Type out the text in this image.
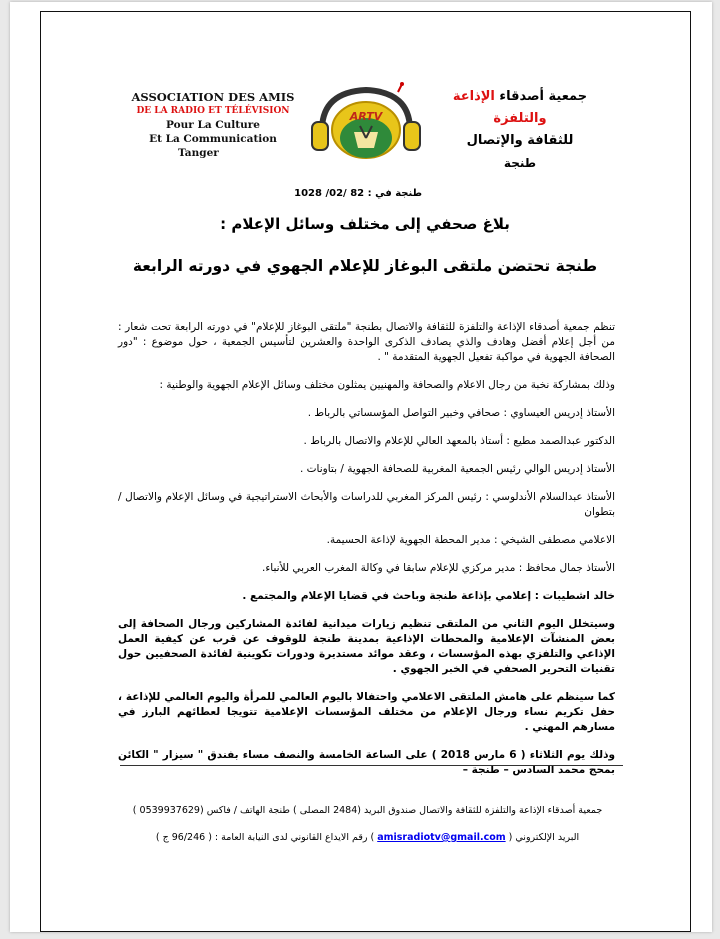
ASSOCIATION DES AMIS
DE LA RADIO ET TÉLÉVISION
Pour La Culture
Et La Communication
Tanger
ARTV
جمعية أصدقاء الإذاعة والتلفزة
للثقافة والإتصال
طنجة
طنجة في : 82 /02/ 1028
بلاغ صحفي إلى مختلف وسائل الإعلام :
طنجة تحتضن ملتقى البوغاز للإعلام الجهوي في دورته الرابعة

تنظم جمعية أصدقاء الإذاعة والتلفزة للثقافة والاتصال بطنجة "ملتقى البوغاز للإعلام" في دورته الرابعة تحت شعار : من أجل إعلام أفضل وهادف والذي يصادف الذكرى الواحدة والعشرين لتأسيس الجمعية ، حول موضوع : "دور الصحافة الجهوية في مواكبة تفعيل الجهوية المتقدمة " .

وذلك بمشاركة نخبة من رجال الاعلام والصحافة والمهنيين يمثلون مختلف وسائل الإعلام الجهوية والوطنية :

الأستاذ إدريس العيساوي : صحافي وخبير التواصل المؤسساتي بالرباط .

الدكتور عبدالصمد مطيع : أستاذ بالمعهد العالي للإعلام والاتصال بالرباط .

الأستاذ إدريس الوالي رئيس الجمعية المغربية للصحافة الجهوية / بتاونات .

الأستاذ عبدالسلام الأندلوسي : رئيس المركز المغربي للدراسات والأبحاث الاستراتيجية في وسائل الإعلام والاتصال / بتطوان

الاعلامي مصطفى الشيخي : مدير المحطة الجهوية لإذاعة الحسيمة.

الأستاذ جمال محافظ : مدير مركزي للإعلام سابقا في وكالة المغرب العربي للأنباء.

خالد اشطيبات : إعلامي بإذاعة طنجة وباحث في قضايا الإعلام والمجتمع .

وسيتخلل اليوم الثاني من الملتقى تنظيم زيارات ميدانية لفائدة المشاركين ورجال الصحافة إلى بعض المنشآت الإعلامية والمحطات الإذاعية بمدينة طنجة للوقوف عن قرب عن كيفية العمل الإذاعي والتلفزي بهذه المؤسسات ، وعقد موائد مستديرة ودورات تكوينية لفائدة الصحفيين حول تقنيات التحرير الصحفي في الخبر الجهوي .

كما سينظم على هامش الملتقى الاعلامي واحتفالا باليوم العالمي للمرأة واليوم العالمي للإذاعة ، حفل تكريم نساء ورجال الإعلام من مختلف المؤسسات الإعلامية تتويجا لعطائهم البارز في مسارهم المهني .

وذلك يوم الثلاثاء ( 6 مارس 2018 ) على الساعة الخامسة والنصف مساء بفندق " سيزار " الكائن بمحج محمد السادس – طنجة –

جمعية أصدقاء الإذاعة والتلفزة للثقافة والاتصال صندوق البريد (2484 المصلى ) طنجة الهاتف / فاكس (0539937629 )
البريد الإلكتروني ( amisradiotv@gmail.com ) رقم الايداع القانوني لدى النيابة العامة : ( 96/246 ج )
